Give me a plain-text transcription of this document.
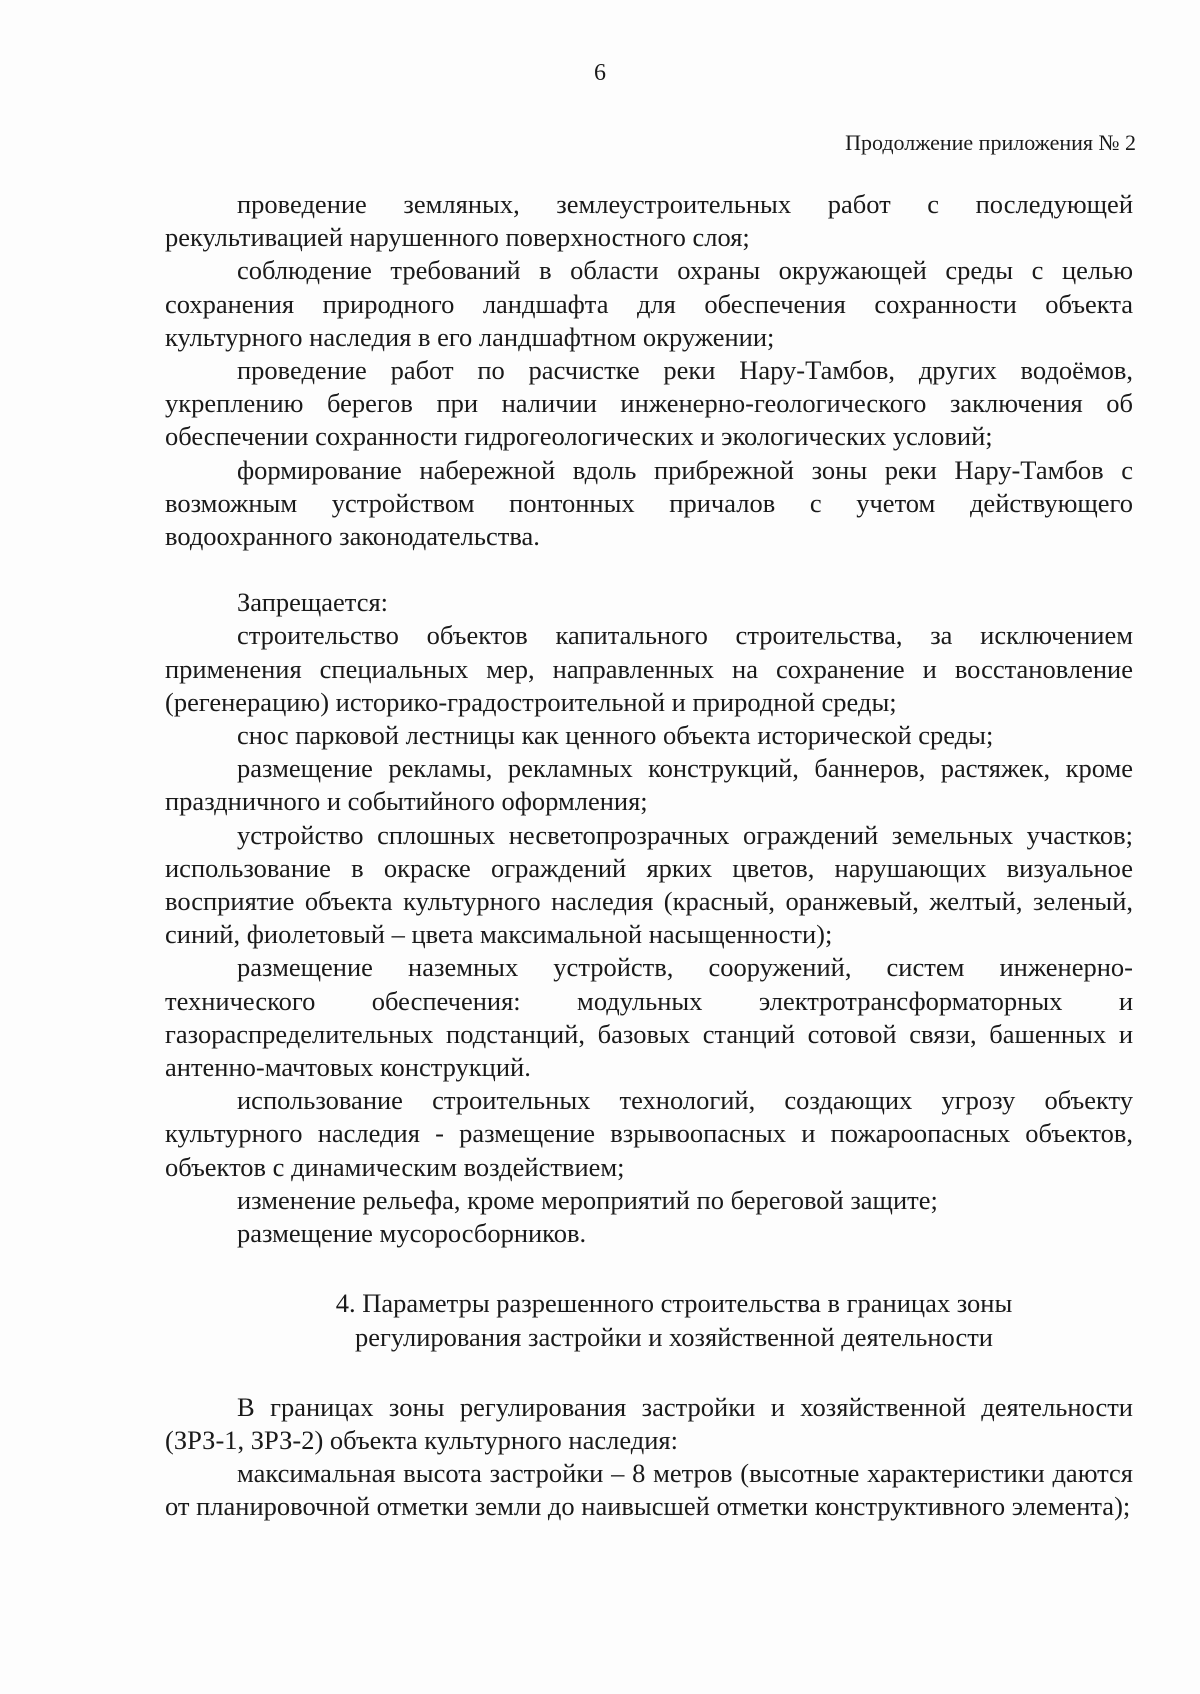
6
Продолжение приложения № 2

проведение земляных, землеустроительных работ с последующей рекультивацией нарушенного поверхностного слоя;

соблюдение требований в области охраны окружающей среды с целью сохранения природного ландшафта для обеспечения сохранности объекта культурного наследия в его ландшафтном окружении;

проведение работ по расчистке реки Нару-Тамбов, других водоёмов, укреплению берегов при наличии инженерно-геологического заключения об обеспечении сохранности гидрогеологических и экологических условий;

формирование набережной вдоль прибрежной зоны реки Нару-Тамбов с возможным устройством понтонных причалов с учетом действующего водоохранного законодательства.

Запрещается:

строительство объектов капитального строительства, за исключением применения специальных мер, направленных на сохранение и восстановление (регенерацию) историко-градостроительной и природной среды;

снос парковой лестницы как ценного объекта исторической среды;

размещение рекламы, рекламных конструкций, баннеров, растяжек, кроме праздничного и событийного оформления;

устройство сплошных несветопрозрачных ограждений земельных участков; использование в окраске ограждений ярких цветов, нарушающих визуальное восприятие объекта культурного наследия (красный, оранжевый, желтый, зеленый, синий, фиолетовый – цвета максимальной насыщенности);

размещение наземных устройств, сооружений, систем инженерно-технического обеспечения: модульных электротрансформаторных и газораспределительных подстанций, базовых станций сотовой связи, башенных и антенно-мачтовых конструкций.

использование строительных технологий, создающих угрозу объекту культурного наследия - размещение взрывоопасных и пожароопасных объектов, объектов с динамическим воздействием;

изменение рельефа, кроме мероприятий по береговой защите;

размещение мусоросборников.

4. Параметры разрешенного строительства в границах зоны
регулирования застройки и хозяйственной деятельности

В границах зоны регулирования застройки и хозяйственной деятельности (ЗРЗ-1, ЗРЗ-2) объекта культурного наследия:

максимальная высота застройки – 8 метров (высотные характеристики даются от планировочной отметки земли до наивысшей отметки конструктивного элемента);
